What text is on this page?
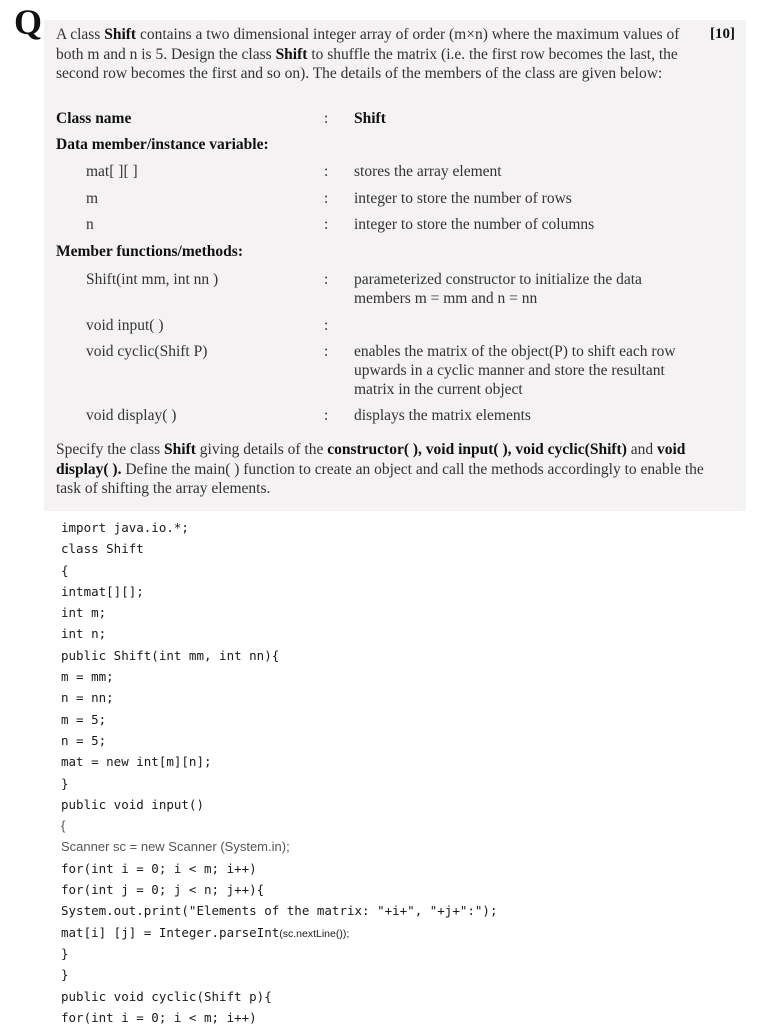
Q	[10]

A class Shift contains a two dimensional integer array of order (m×n) where the maximum values of both m and n is 5. Design the class Shift to shuffle the matrix (i.e. the first row becomes the last, the second row becomes the first and so on). The details of the members of the class are given below:

Class name	: Shift
Data member/instance variable:
mat[ ][ ]	: stores the array element
m	: integer to store the number of rows
n	: integer to store the number of columns
Member functions/methods:
Shift(int mm, int nn )	: parameterized constructor to initialize the data members m = mm and n = nn
void input( )	:
void cyclic(Shift P)	: enables the matrix of the object(P) to shift each row upwards in a cyclic manner and store the resultant matrix in the current object
void display( )	: displays the matrix elements

Specify the class Shift giving details of the constructor( ), void input( ), void cyclic(Shift) and void display( ). Define the main( ) function to create an object and call the methods accordingly to enable the task of shifting the array elements.

import java.io.*;
class Shift
{
intmat[][];
int m;
int n;
public Shift(int mm, int nn){
m = mm;
n = nn;
m = 5;
n = 5;
mat = new int[m][n];
}
public void input()
{
Scanner sc = new Scanner (System.in);
for(int i = 0; i < m; i++)
for(int j = 0; j < n; j++){
System.out.print("Elements of the matrix: "+i+", "+j+":");
mat[i] [j] = Integer.parseInt(sc.nextLine());
}
}
public void cyclic(Shift p){
for(int i = 0; i < m; i++)
